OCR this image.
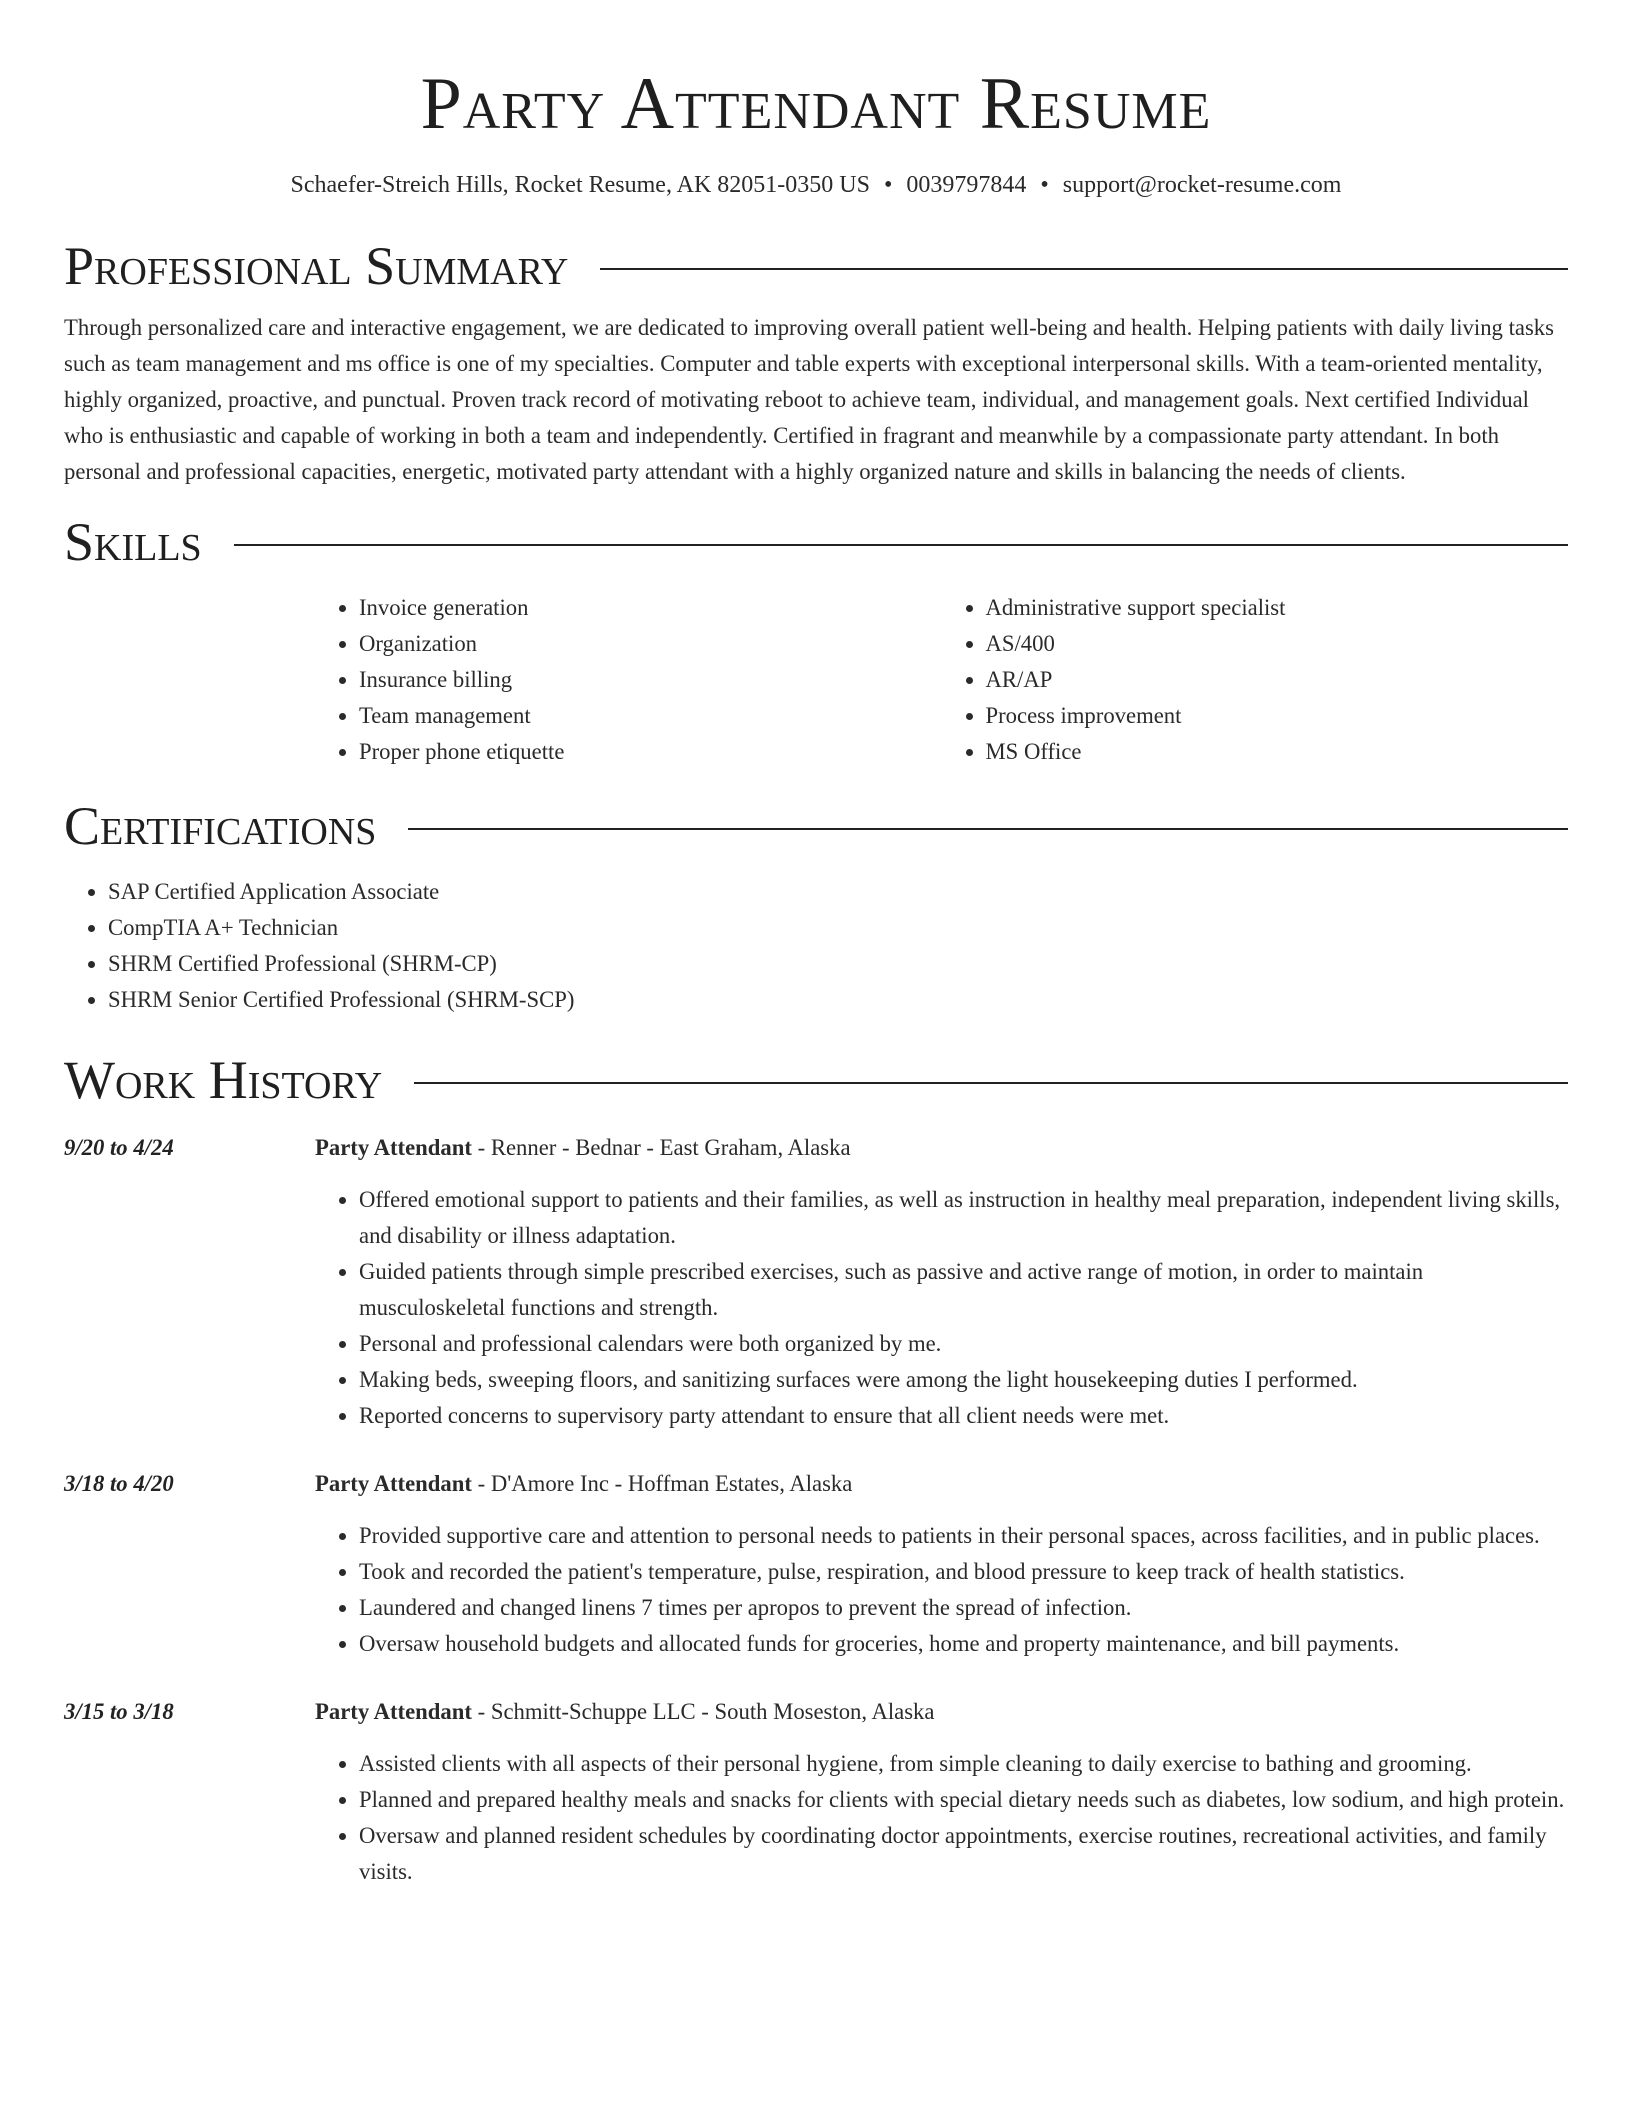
Party Attendant Resume
Schaefer-Streich Hills, Rocket Resume, AK 82051-0350 US • 0039797844 • support@rocket-resume.com
Professional Summary

Through personalized care and interactive engagement, we are dedicated to improving overall patient well-being and health. Helping patients with daily living tasks such as team management and ms office is one of my specialties. Computer and table experts with exceptional interpersonal skills. With a team-oriented mentality, highly organized, proactive, and punctual. Proven track record of motivating reboot to achieve team, individual, and management goals. Next certified Individual who is enthusiastic and capable of working in both a team and independently. Certified in fragrant and meanwhile by a compassionate party attendant. In both personal and professional capacities, energetic, motivated party attendant with a highly organized nature and skills in balancing the needs of clients.

Skills
• Invoice generation
• Organization
• Insurance billing
• Team management
• Proper phone etiquette
• Administrative support specialist
• AS/400
• AR/AP
• Process improvement
• MS Office
Certifications
• SAP Certified Application Associate
• CompTIA A+ Technician
• SHRM Certified Professional (SHRM-CP)
• SHRM Senior Certified Professional (SHRM-SCP)
Work History
9/20 to 4/24	Party Attendant - Renner - Bednar - East Graham, Alaska
• Offered emotional support to patients and their families, as well as instruction in healthy meal preparation, independent living skills, and disability or illness adaptation.
• Guided patients through simple prescribed exercises, such as passive and active range of motion, in order to maintain musculoskeletal functions and strength.
• Personal and professional calendars were both organized by me.
• Making beds, sweeping floors, and sanitizing surfaces were among the light housekeeping duties I performed.
• Reported concerns to supervisory party attendant to ensure that all client needs were met.
3/18 to 4/20	Party Attendant - D'Amore Inc - Hoffman Estates, Alaska
• Provided supportive care and attention to personal needs to patients in their personal spaces, across facilities, and in public places.
• Took and recorded the patient's temperature, pulse, respiration, and blood pressure to keep track of health statistics.
• Laundered and changed linens 7 times per apropos to prevent the spread of infection.
• Oversaw household budgets and allocated funds for groceries, home and property maintenance, and bill payments.
3/15 to 3/18	Party Attendant - Schmitt-Schuppe LLC - South Moseston, Alaska
• Assisted clients with all aspects of their personal hygiene, from simple cleaning to daily exercise to bathing and grooming.
• Planned and prepared healthy meals and snacks for clients with special dietary needs such as diabetes, low sodium, and high protein.
• Oversaw and planned resident schedules by coordinating doctor appointments, exercise routines, recreational activities, and family visits.
